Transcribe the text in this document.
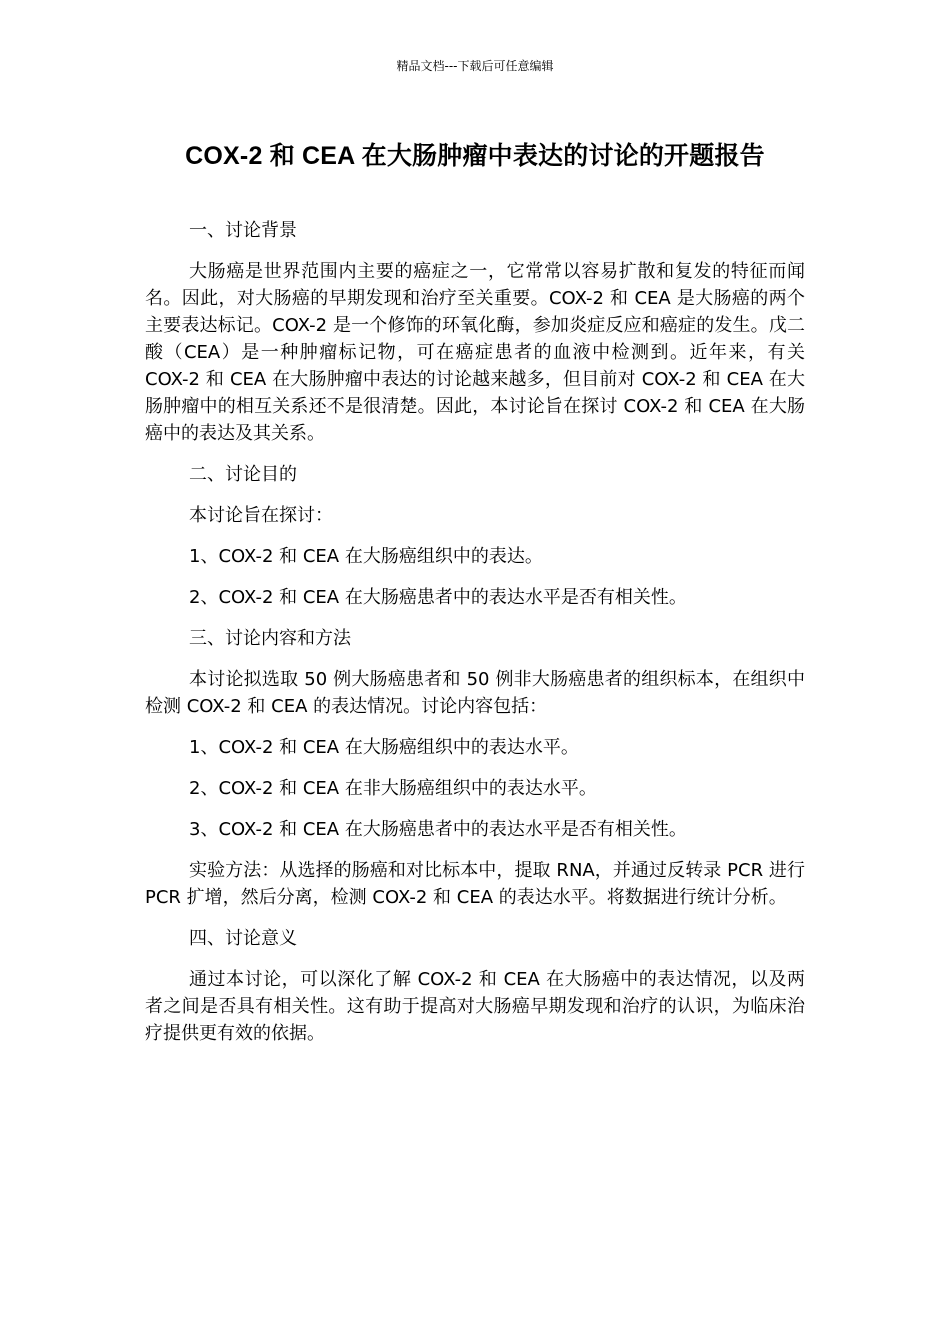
精品文档---下载后可任意编辑
COX-2 和 CEA 在大肠肿瘤中表达的讨论的开题报告

一、讨论背景

大肠癌是世界范围内主要的癌症之一，它常常以容易扩散和复发的特征而闻名。因此，对大肠癌的早期发现和治疗至关重要。COX-2 和 CEA 是大肠癌的两个主要表达标记。COX-2 是一个修饰的环氧化酶，参加炎症反应和癌症的发生。戊二酸（CEA）是一种肿瘤标记物，可在癌症患者的血液中检测到。近年来，有关 COX-2 和 CEA 在大肠肿瘤中表达的讨论越来越多，但目前对 COX-2 和 CEA 在大肠肿瘤中的相互关系还不是很清楚。因此，本讨论旨在探讨 COX-2 和 CEA 在大肠癌中的表达及其关系。

二、讨论目的

本讨论旨在探讨：

1、COX-2 和 CEA 在大肠癌组织中的表达。

2、COX-2 和 CEA 在大肠癌患者中的表达水平是否有相关性。

三、讨论内容和方法

本讨论拟选取 50 例大肠癌患者和 50 例非大肠癌患者的组织标本，在组织中检测 COX-2 和 CEA 的表达情况。讨论内容包括：

1、COX-2 和 CEA 在大肠癌组织中的表达水平。

2、COX-2 和 CEA 在非大肠癌组织中的表达水平。

3、COX-2 和 CEA 在大肠癌患者中的表达水平是否有相关性。

实验方法：从选择的肠癌和对比标本中，提取 RNA，并通过反转录 PCR 进行 PCR 扩增，然后分离，检测 COX-2 和 CEA 的表达水平。将数据进行统计分析。

四、讨论意义

通过本讨论，可以深化了解 COX-2 和 CEA 在大肠癌中的表达情况，以及两者之间是否具有相关性。这有助于提高对大肠癌早期发现和治疗的认识，为临床治疗提供更有效的依据。
